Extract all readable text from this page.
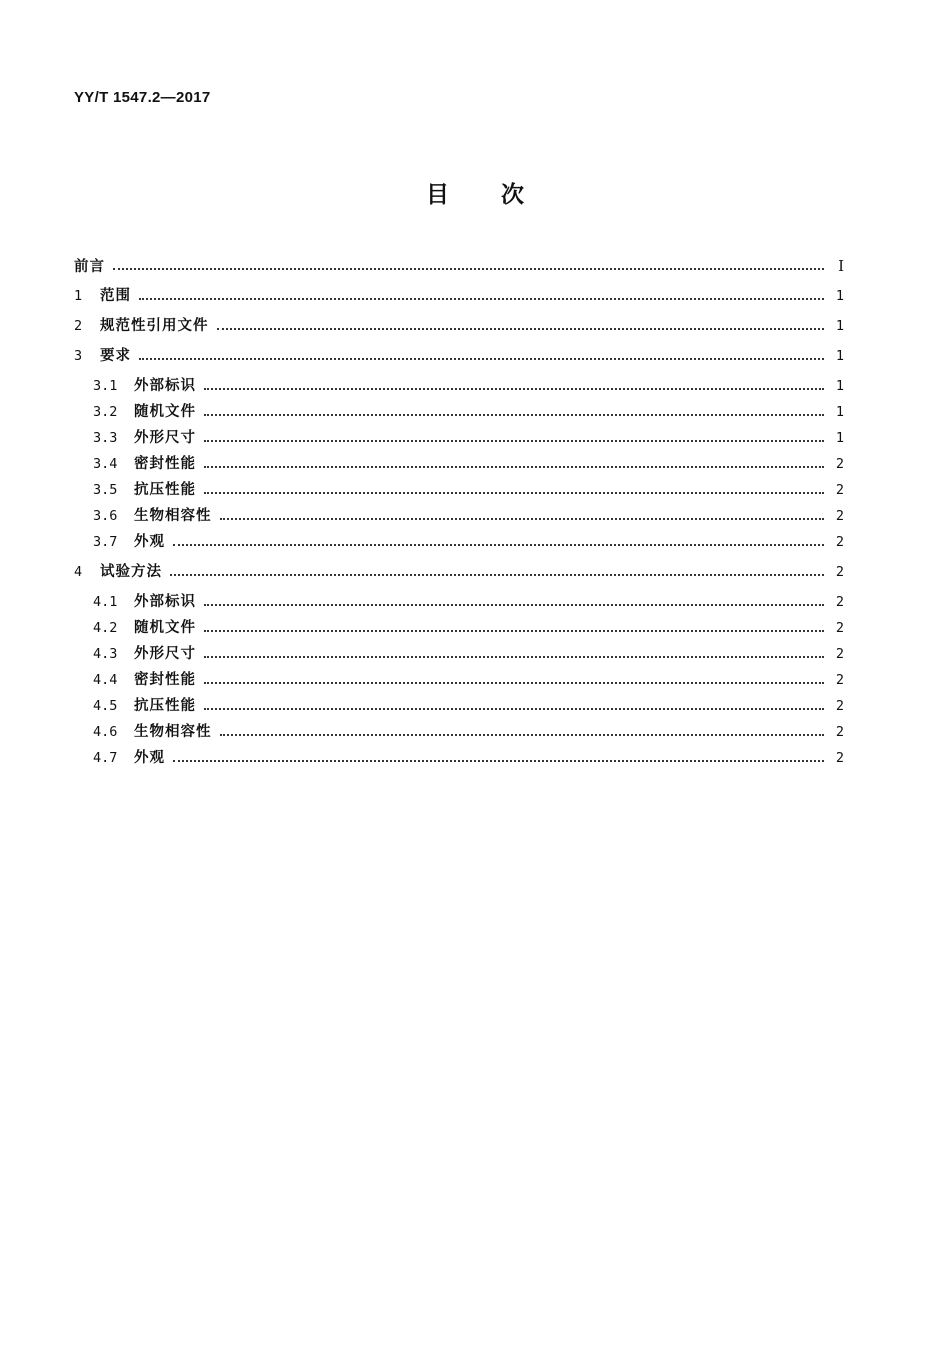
YY/T 1547.2—2017
目次
前言	Ⅰ
1	范围	1
2	规范性引用文件	1
3	要求	1
3.1	外部标识	1
3.2	随机文件	1
3.3	外形尺寸	1
3.4	密封性能	2
3.5	抗压性能	2
3.6	生物相容性	2
3.7	外观	2
4	试验方法	2
4.1	外部标识	2
4.2	随机文件	2
4.3	外形尺寸	2
4.4	密封性能	2
4.5	抗压性能	2
4.6	生物相容性	2
4.7	外观	2
